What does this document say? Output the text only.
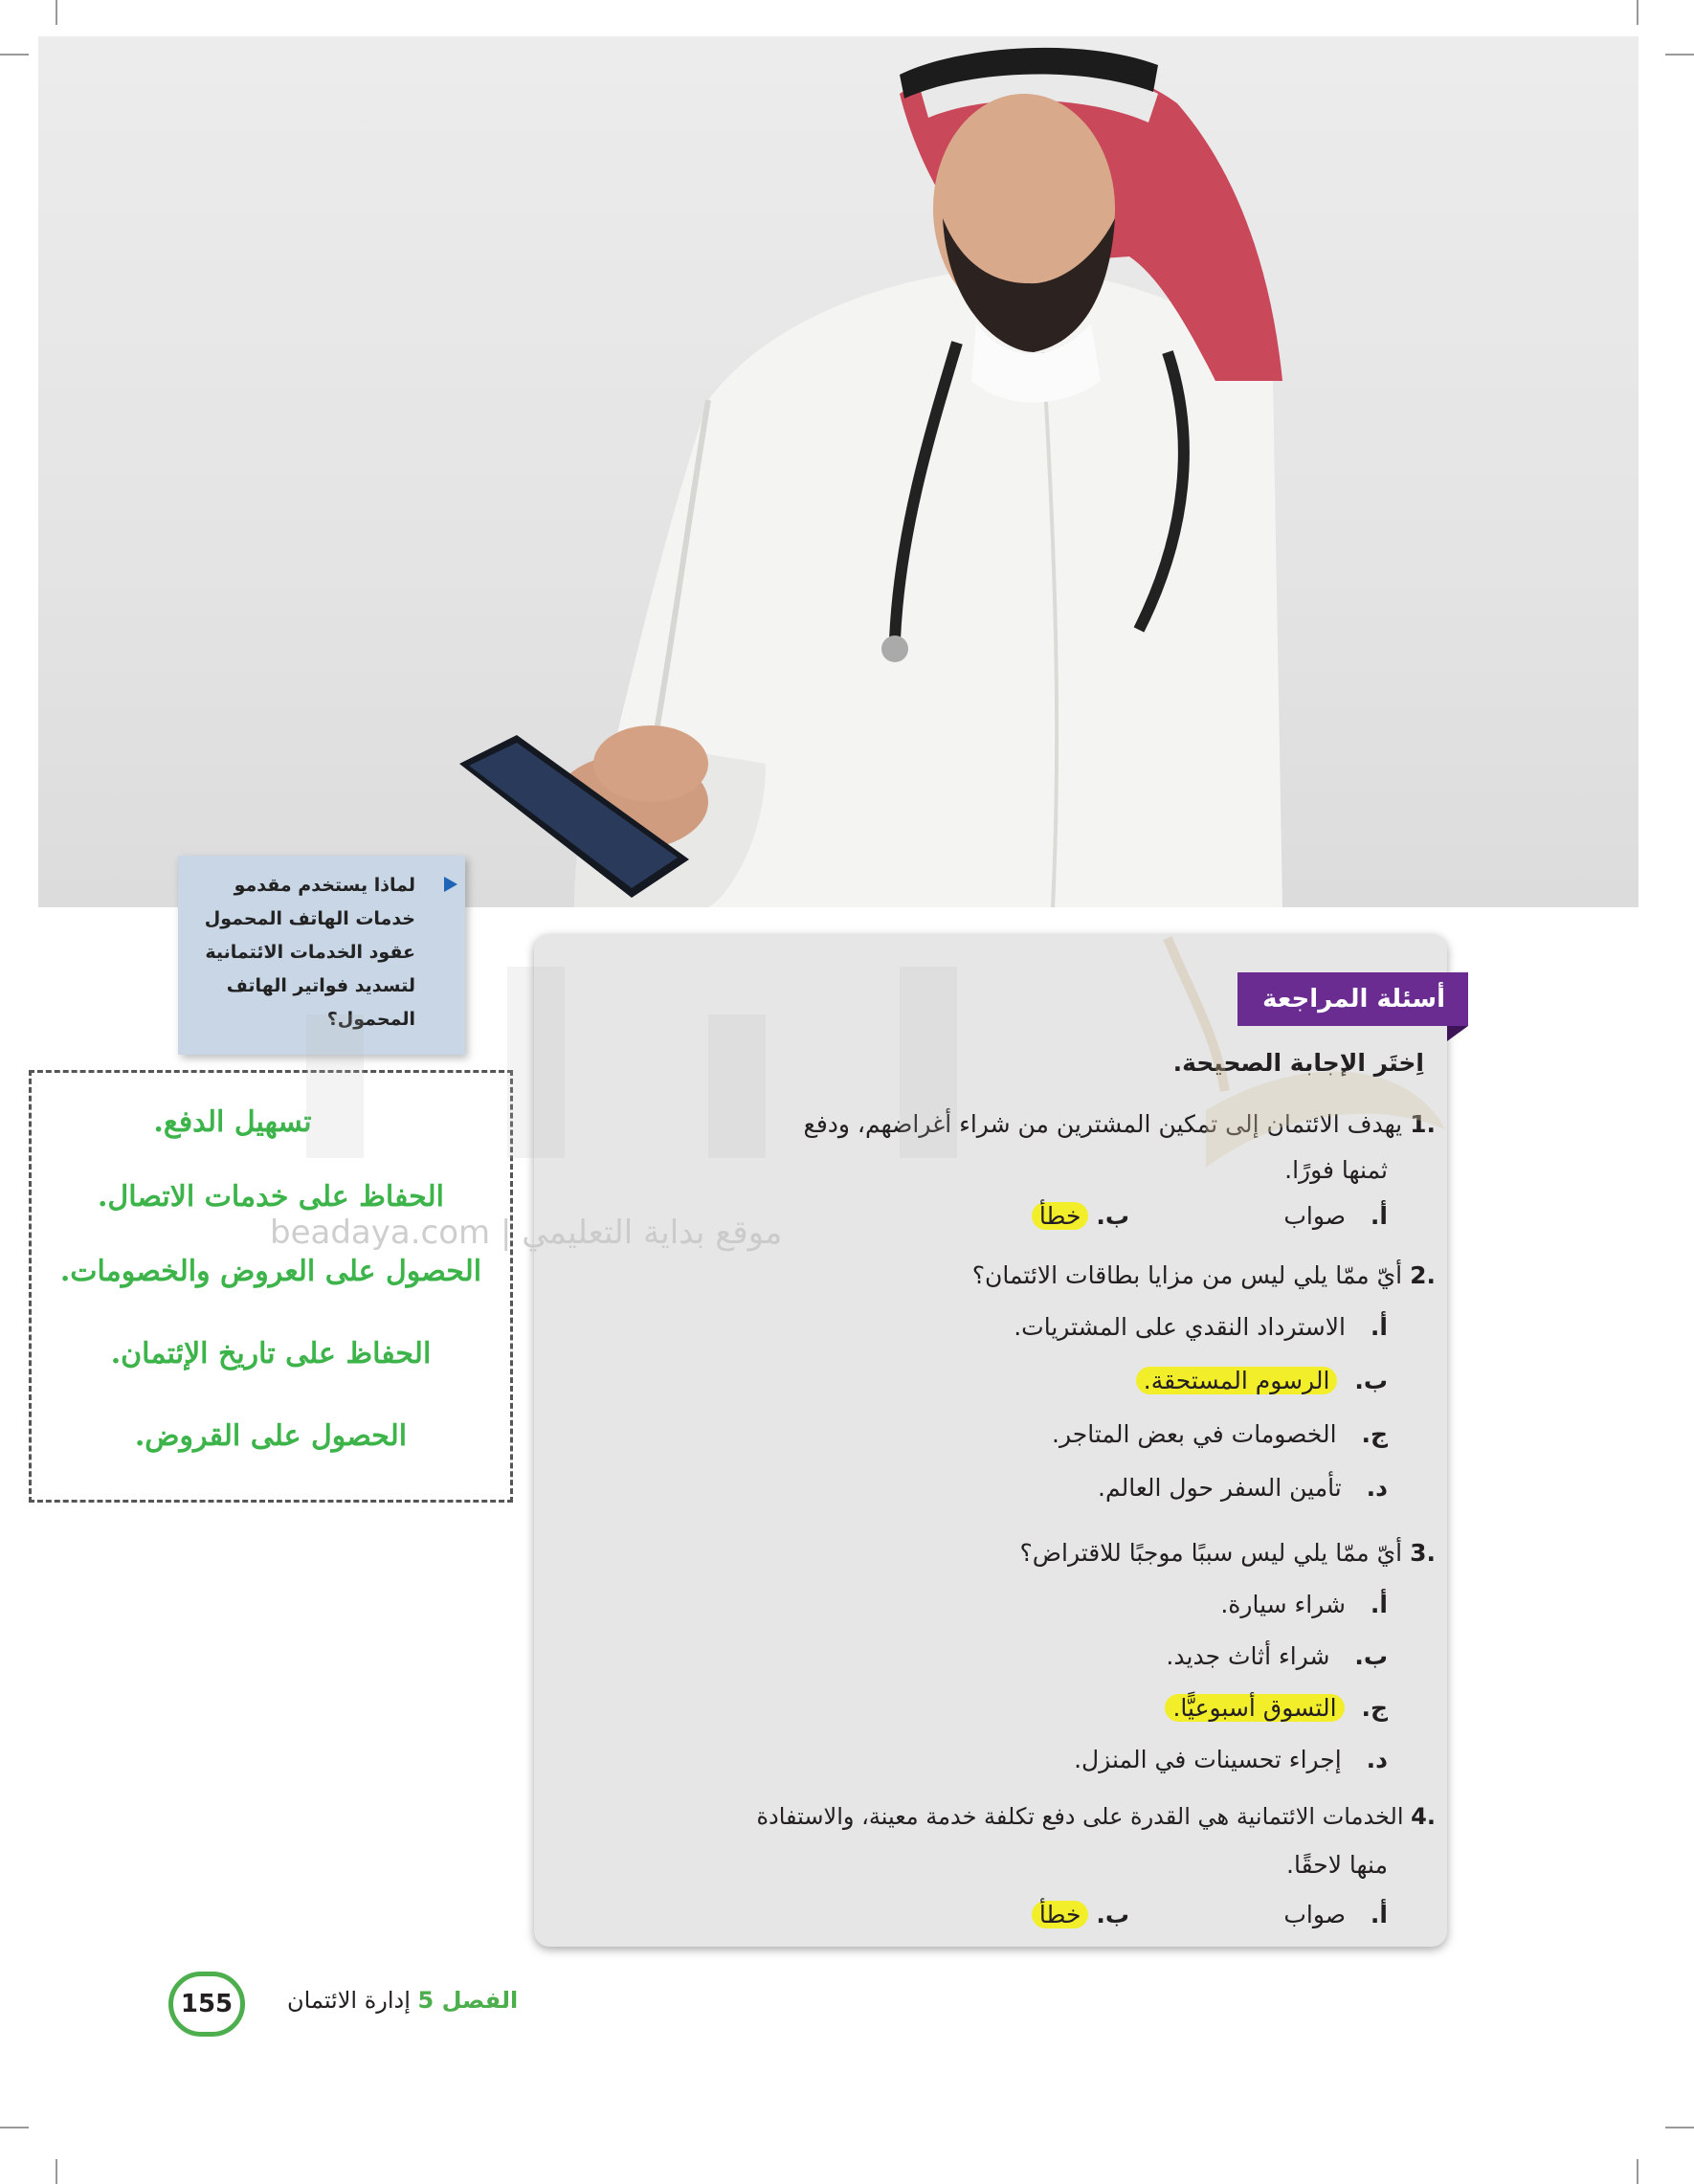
لماذا يستخدم مقدمو
خدمات الهاتف المحمول
عقود الخدمات الائتمانية
لتسديد فواتير الهاتف
المحمول؟
تسهيل الدفع.
الحفاظ على خدمات الاتصال.
الحصول على العروض والخصومات.
الحفاظ على تاريخ الإئتمان.
الحصول على القروض.
أسئلة المراجعة
اِختَر الإجابة الصحيحة.
.1 يهدف الائتمان إلى تمكين المشترين من شراء أغراضهم، ودفع
ثمنها فورًا.
أ. صواب
ب. خطأ
.2 أيّ ممّا يلي ليس من مزايا بطاقات الائتمان؟
أ. الاسترداد النقدي على المشتريات.
ب. الرسوم المستحقة.
ج. الخصومات في بعض المتاجر.
د. تأمين السفر حول العالم.
.3 أيّ ممّا يلي ليس سببًا موجبًا للاقتراض؟
أ. شراء سيارة.
ب. شراء أثاث جديد.
ج. التسوق أسبوعيًّا.
د. إجراء تحسينات في المنزل.
.4 الخدمات الائتمانية هي القدرة على دفع تكلفة خدمة معينة، والاستفادة
منها لاحقًا.
أ. صواب
ب. خطأ
موقع بداية التعليمي | beadaya.com
155	الفصل 5 إدارة الائتمان
